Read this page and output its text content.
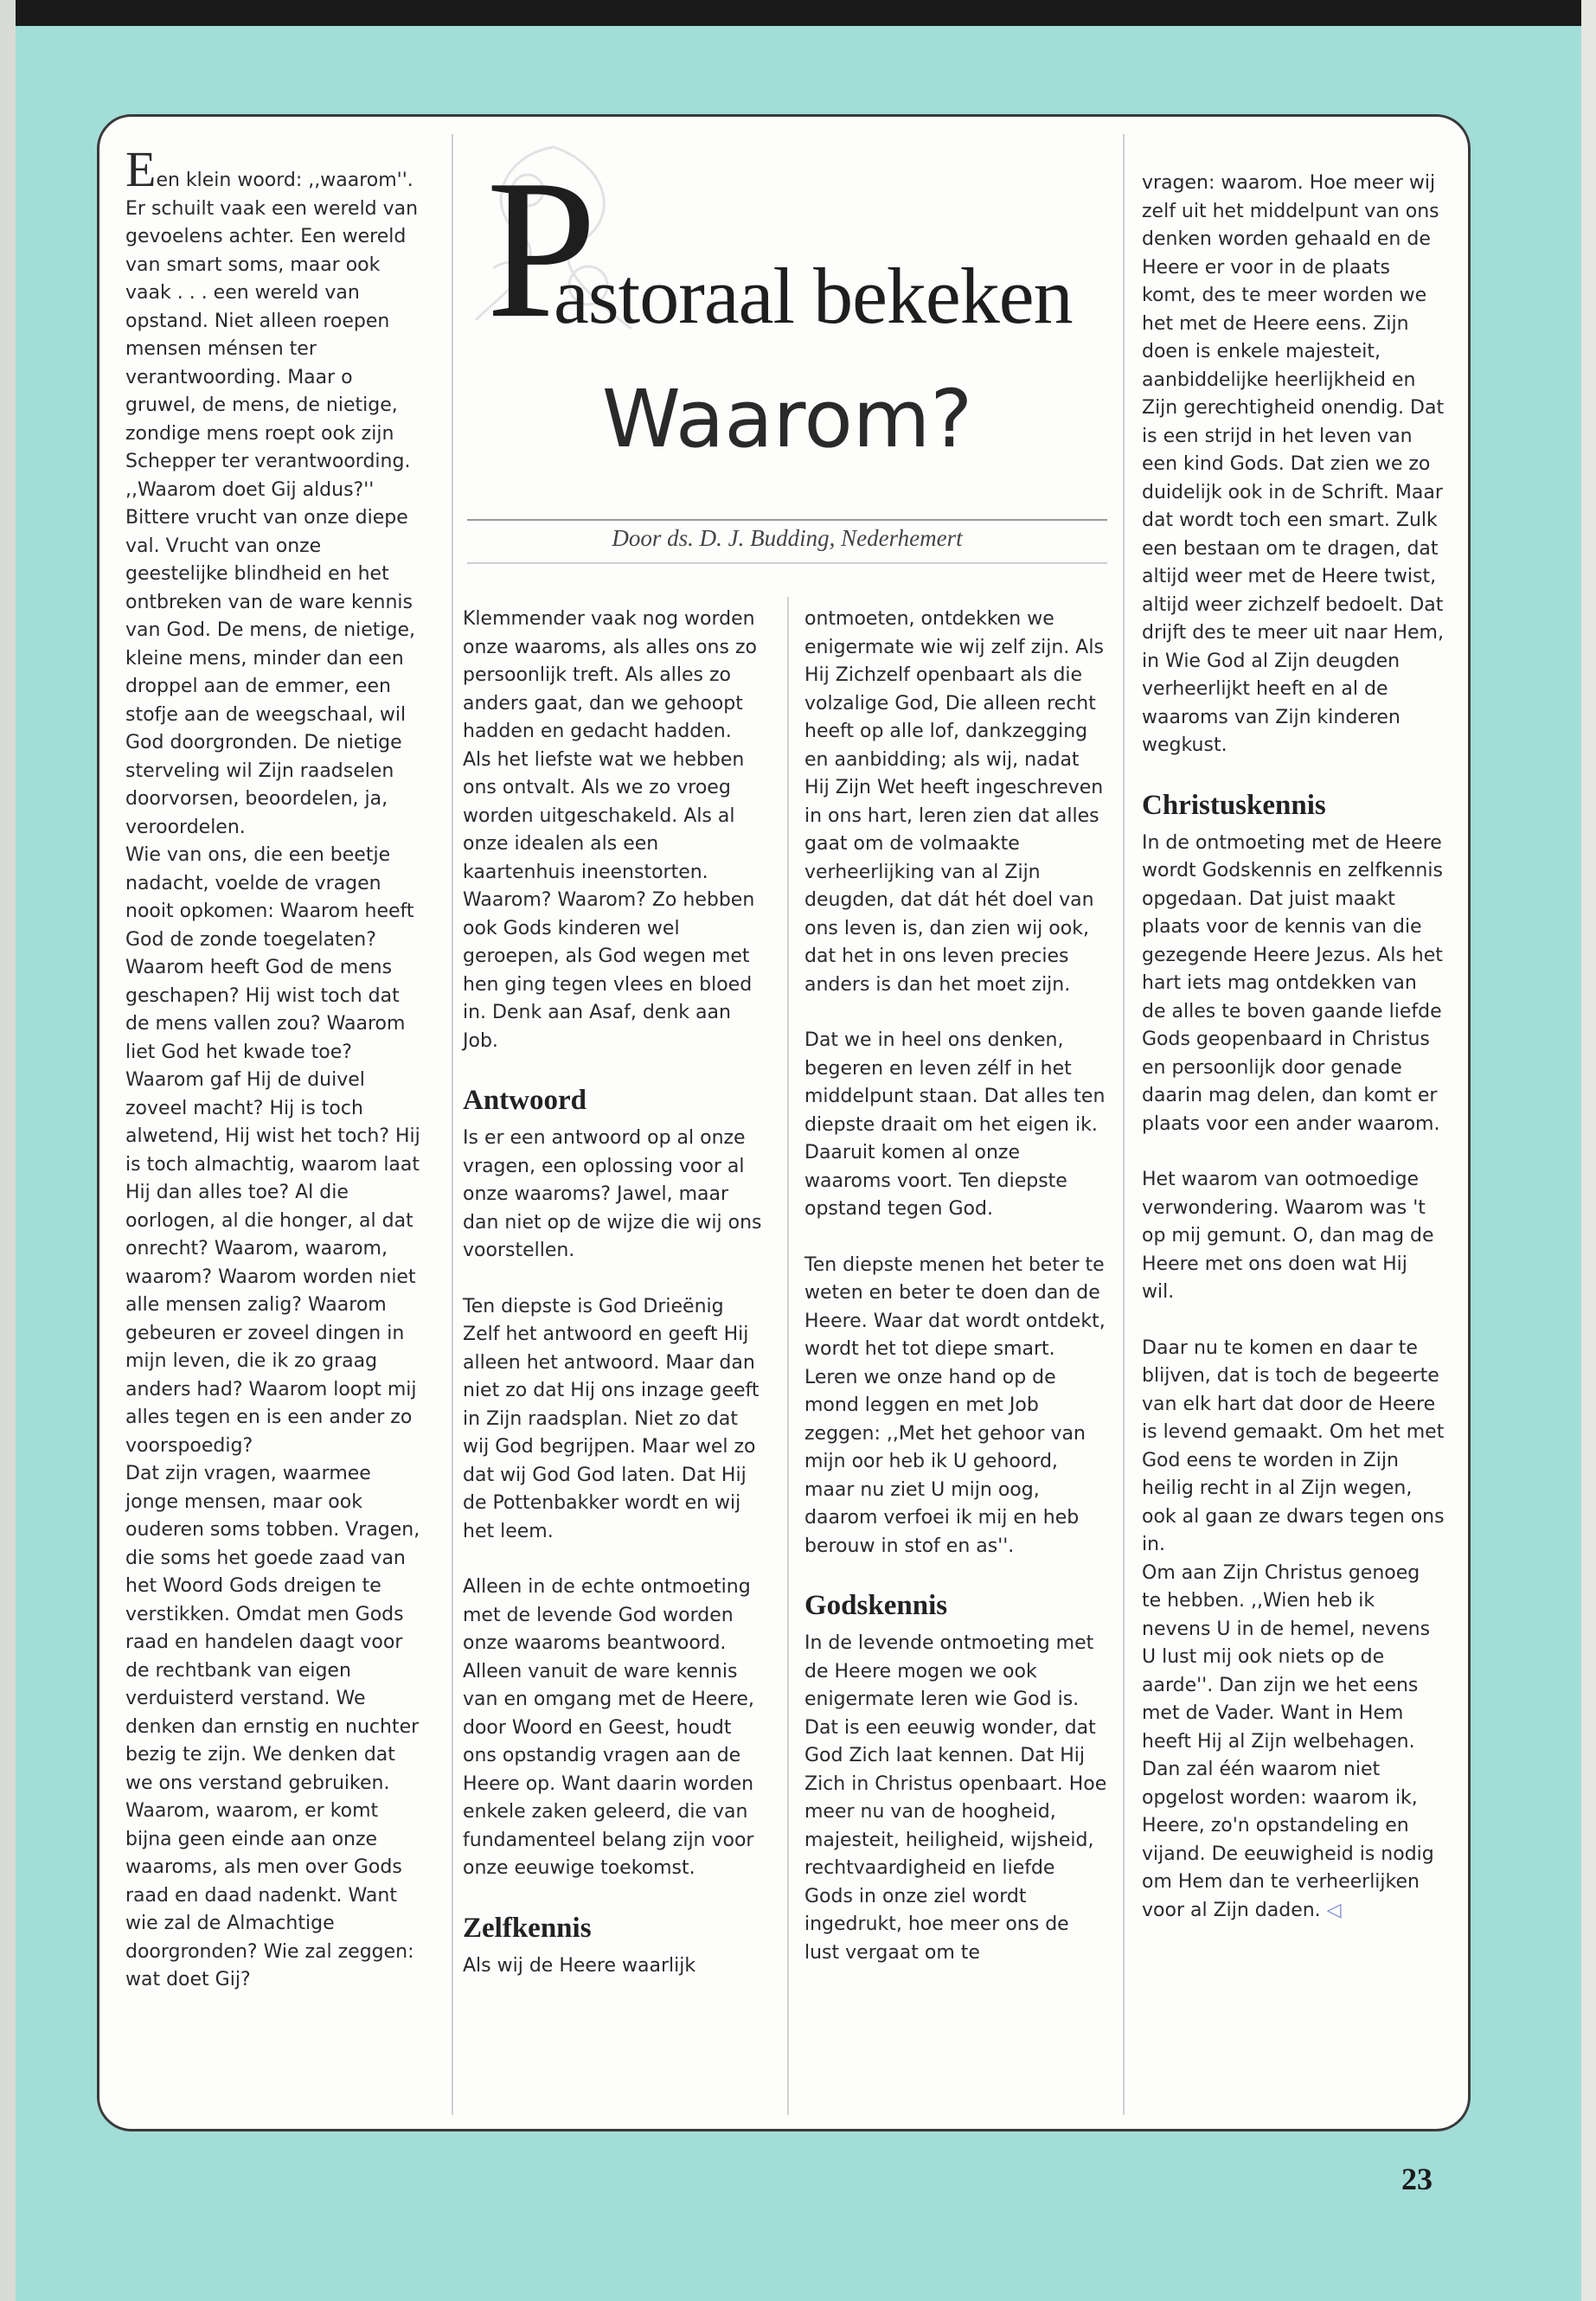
P
astoraal bekeken
Waarom?
Door ds. D. J. Budding, Nederhemert

Een klein woord: ,,waarom''. Er schuilt vaak een wereld van gevoelens achter. Een wereld van smart soms, maar ook vaak . . . een wereld van opstand. Niet alleen roepen mensen ménsen ter verantwoording. Maar o gruwel, de mens, de nietige, zondige mens roept ook zijn Schepper ter verantwoording. ,,Waarom doet Gij aldus?'' Bittere vrucht van onze diepe val. Vrucht van onze geestelijke blindheid en het ontbreken van de ware kennis van God. De mens, de nietige, kleine mens, minder dan een droppel aan de emmer, een stofje aan de weegschaal, wil God doorgronden. De nietige sterveling wil Zijn raadselen doorvorsen, beoordelen, ja, veroordelen.

Wie van ons, die een beetje nadacht, voelde de vragen nooit opkomen: Waarom heeft God de zonde toegelaten? Waarom heeft God de mens geschapen? Hij wist toch dat de mens vallen zou? Waarom liet God het kwade toe? Waarom gaf Hij de duivel zoveel macht? Hij is toch alwetend, Hij wist het toch? Hij is toch almachtig, waarom laat Hij dan alles toe? Al die oorlogen, al die honger, al dat onrecht? Waarom, waarom, waarom? Waarom worden niet alle mensen zalig? Waarom gebeuren er zoveel dingen in mijn leven, die ik zo graag anders had? Waarom loopt mij alles tegen en is een ander zo voorspoedig?

Dat zijn vragen, waarmee jonge mensen, maar ook ouderen soms tobben. Vragen, die soms het goede zaad van het Woord Gods dreigen te verstikken. Omdat men Gods raad en handelen daagt voor de rechtbank van eigen verduisterd verstand. We denken dan ernstig en nuchter bezig te zijn. We denken dat we ons verstand gebruiken. Waarom, waarom, er komt bijna geen einde aan onze waaroms, als men over Gods raad en daad nadenkt. Want wie zal de Almachtige doorgronden? Wie zal zeggen: wat doet Gij?

Klemmender vaak nog worden onze waaroms, als alles ons zo persoonlijk treft. Als alles zo anders gaat, dan we gehoopt hadden en gedacht hadden. Als het liefste wat we hebben ons ontvalt. Als we zo vroeg worden uitgeschakeld. Als al onze idealen als een kaartenhuis ineenstorten. Waarom? Waarom? Zo hebben ook Gods kinderen wel geroepen, als God wegen met hen ging tegen vlees en bloed in. Denk aan Asaf, denk aan Job.

Antwoord

Is er een antwoord op al onze vragen, een oplossing voor al onze waaroms? Jawel, maar dan niet op de wijze die wij ons voorstellen.

Ten diepste is God Drieënig Zelf het antwoord en geeft Hij alleen het antwoord. Maar dan niet zo dat Hij ons inzage geeft in Zijn raadsplan. Niet zo dat wij God begrijpen. Maar wel zo dat wij God God laten. Dat Hij de Pottenbakker wordt en wij het leem.

Alleen in de echte ontmoeting met de levende God worden onze waaroms beantwoord. Alleen vanuit de ware kennis van en omgang met de Heere, door Woord en Geest, houdt ons opstandig vragen aan de Heere op. Want daarin worden enkele zaken geleerd, die van fundamenteel belang zijn voor onze eeuwige toekomst.

Zelfkennis

Als wij de Heere waarlijk

ontmoeten, ontdekken we enigermate wie wij zelf zijn. Als Hij Zichzelf openbaart als die volzalige God, Die alleen recht heeft op alle lof, dankzegging en aanbidding; als wij, nadat Hij Zijn Wet heeft ingeschreven in ons hart, leren zien dat alles gaat om de volmaakte verheerlijking van al Zijn deugden, dat dát hét doel van ons leven is, dan zien wij ook, dat het in ons leven precies anders is dan het moet zijn.

Dat we in heel ons denken, begeren en leven zélf in het middelpunt staan. Dat alles ten diepste draait om het eigen ik. Daaruit komen al onze waaroms voort. Ten diepste opstand tegen God.

Ten diepste menen het beter te weten en beter te doen dan de Heere. Waar dat wordt ontdekt, wordt het tot diepe smart. Leren we onze hand op de mond leggen en met Job zeggen: ,,Met het gehoor van mijn oor heb ik U gehoord, maar nu ziet U mijn oog, daarom verfoei ik mij en heb berouw in stof en as''.

Godskennis

In de levende ontmoeting met de Heere mogen we ook enigermate leren wie God is. Dat is een eeuwig wonder, dat God Zich laat kennen. Dat Hij Zich in Christus openbaart. Hoe meer nu van de hoogheid, majesteit, heiligheid, wijsheid, rechtvaardigheid en liefde Gods in onze ziel wordt ingedrukt, hoe meer ons de lust vergaat om te

vragen: waarom. Hoe meer wij zelf uit het middelpunt van ons denken worden gehaald en de Heere er voor in de plaats komt, des te meer worden we het met de Heere eens. Zijn doen is enkele majesteit, aanbiddelijke heerlijkheid en Zijn gerechtigheid onendig. Dat is een strijd in het leven van een kind Gods. Dat zien we zo duidelijk ook in de Schrift. Maar dat wordt toch een smart. Zulk een bestaan om te dragen, dat altijd weer met de Heere twist, altijd weer zichzelf bedoelt. Dat drijft des te meer uit naar Hem, in Wie God al Zijn deugden verheerlijkt heeft en al de waaroms van Zijn kinderen wegkust.

Christuskennis

In de ontmoeting met de Heere wordt Godskennis en zelfkennis opgedaan. Dat juist maakt plaats voor de kennis van die gezegende Heere Jezus. Als het hart iets mag ontdekken van de alles te boven gaande liefde Gods geopenbaard in Christus en persoonlijk door genade daarin mag delen, dan komt er plaats voor een ander waarom.

Het waarom van ootmoedige verwondering. Waarom was 't op mij gemunt. O, dan mag de Heere met ons doen wat Hij wil.

Daar nu te komen en daar te blijven, dat is toch de begeerte van elk hart dat door de Heere is levend gemaakt. Om het met God eens te worden in Zijn heilig recht in al Zijn wegen, ook al gaan ze dwars tegen ons in.

Om aan Zijn Christus genoeg te hebben. ,,Wien heb ik nevens U in de hemel, nevens U lust mij ook niets op de aarde''. Dan zijn we het eens met de Vader. Want in Hem heeft Hij al Zijn welbehagen. Dan zal één waarom niet opgelost worden: waarom ik, Heere, zo'n opstandeling en vijand. De eeuwigheid is nodig om Hem dan te verheerlijken voor al Zijn daden. ◁

23
